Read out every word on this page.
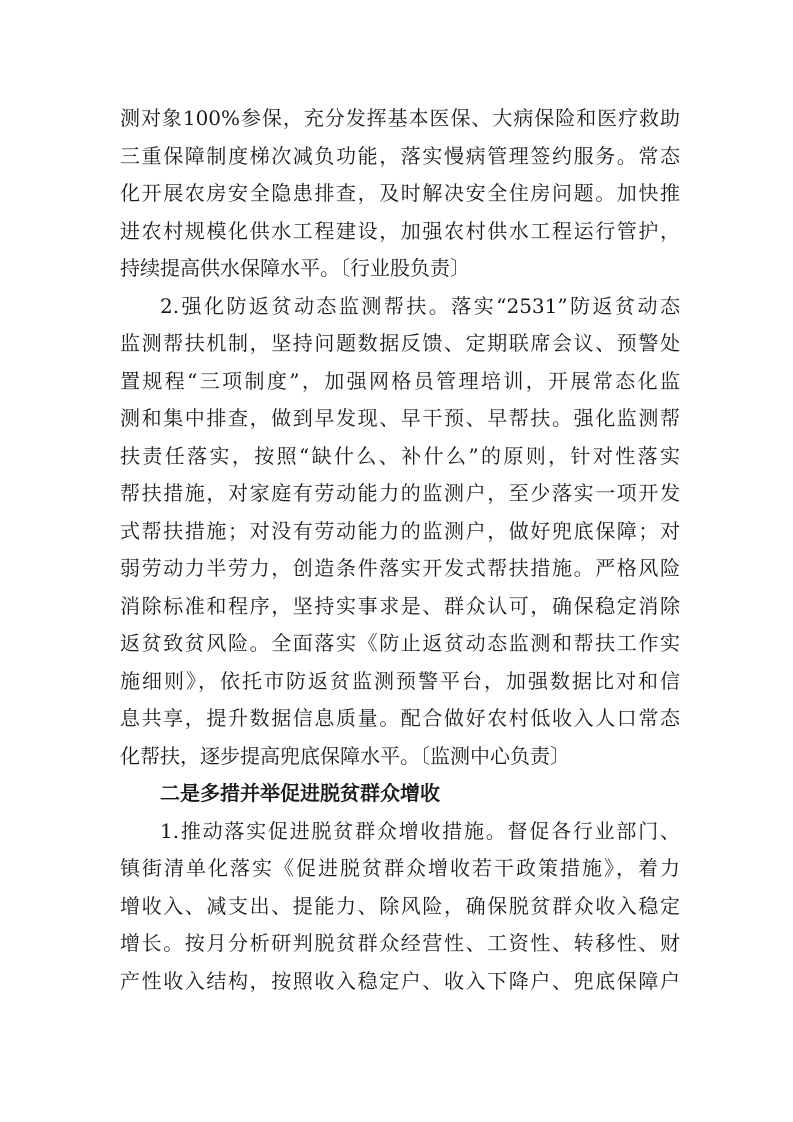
测对象100%参保，充分发挥基本医保、大病保险和医疗救助
三重保障制度梯次减负功能，落实慢病管理签约服务。常态
化开展农房安全隐患排查，及时解决安全住房问题。加快推
进农村规模化供水工程建设，加强农村供水工程运行管护，
持续提高供水保障水平。〔行业股负责〕
2.强化防返贫动态监测帮扶。落实“2531”防返贫动态
监测帮扶机制，坚持问题数据反馈、定期联席会议、预警处
置规程“三项制度”，加强网格员管理培训，开展常态化监
测和集中排查，做到早发现、早干预、早帮扶。强化监测帮
扶责任落实，按照“缺什么、补什么”的原则，针对性落实
帮扶措施，对家庭有劳动能力的监测户，至少落实一项开发
式帮扶措施；对没有劳动能力的监测户，做好兜底保障；对
弱劳动力半劳力，创造条件落实开发式帮扶措施。严格风险
消除标准和程序，坚持实事求是、群众认可，确保稳定消除
返贫致贫风险。全面落实《防止返贫动态监测和帮扶工作实
施细则》，依托市防返贫监测预警平台，加强数据比对和信
息共享，提升数据信息质量。配合做好农村低收入人口常态
化帮扶，逐步提高兜底保障水平。〔监测中心负责〕
二是多措并举促进脱贫群众增收
1.推动落实促进脱贫群众增收措施。督促各行业部门、
镇街清单化落实《促进脱贫群众增收若干政策措施》，着力
增收入、减支出、提能力、除风险，确保脱贫群众收入稳定
增长。按月分析研判脱贫群众经营性、工资性、转移性、财
产性收入结构，按照收入稳定户、收入下降户、兜底保障户
